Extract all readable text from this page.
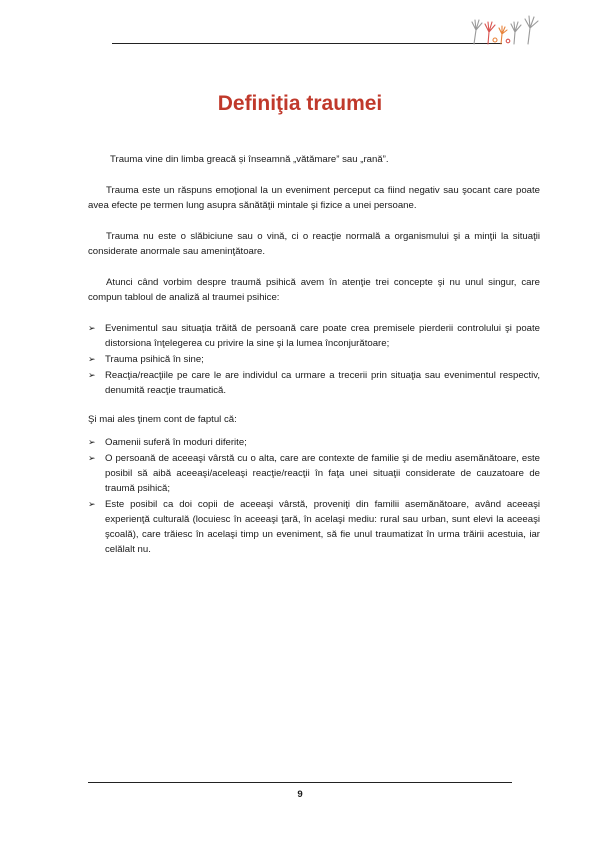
Definiţia traumei

Trauma vine din limba greacă și înseamnă „vătămare” sau „rană”.

Trauma este un răspuns emoţional la un eveniment perceput ca fiind negativ sau şocant care poate avea efecte pe termen lung asupra sănătăţii mintale şi fizice a unei persoane.

Trauma nu este o slăbiciune sau o vină, ci o reacţie normală a organismului şi a minţii la situaţii considerate anormale sau ameninţătoare.

Atunci când vorbim despre traumă psihică avem în atenţie trei concepte şi nu unul singur, care compun tabloul de analiză al traumei psihice:

➢ Evenimentul sau situaţia trăită de persoană care poate crea premisele pierderii controlului şi poate distorsiona înţelegerea cu privire la sine şi la lumea înconjurătoare;
➢ Trauma psihică în sine;
➢ Reacţia/reacţiile pe care le are individul ca urmare a trecerii prin situaţia sau evenimentul respectiv, denumită reacţie traumatică.

Şi mai ales ţinem cont de faptul că:

➢ Oamenii suferă în moduri diferite;
➢ O persoană de aceeaşi vârstă cu o alta, care are contexte de familie şi de mediu asemănătoare, este posibil să aibă aceeaşi/aceleaşi reacţie/reacţii în faţa unei situaţii considerate de cauzatoare de traumă psihică;
➢ Este posibil ca doi copii de aceeaşi vârstă, proveniţi din familii asemănătoare, având aceeaşi experienţă culturală (locuiesc în aceeaşi ţară, în acelaşi mediu: rural sau urban, sunt elevi la aceeaşi şcoală), care trăiesc în acelaşi timp un eveniment, să fie unul traumatizat în urma trăirii acestuia, iar celălalt nu.
9
